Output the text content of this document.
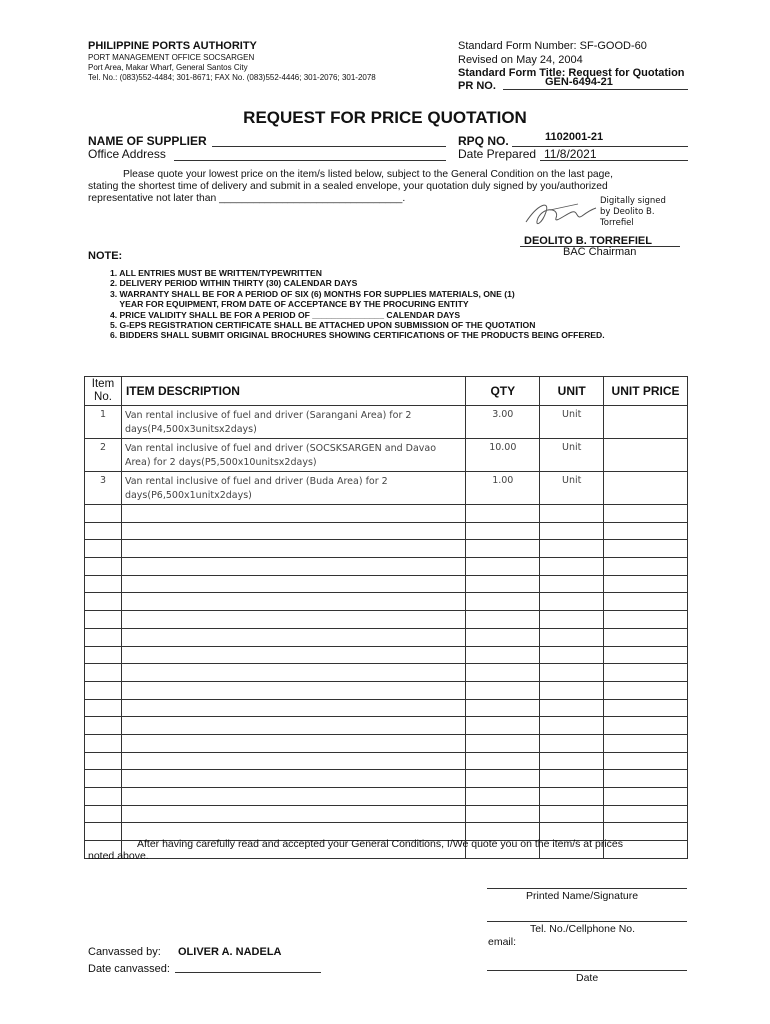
PHILIPPINE PORTS AUTHORITY
PORT MANAGEMENT OFFICE SOCSARGEN
Port Area, Makar Wharf, General Santos City
Tel. No.: (083)552-4484; 301-8671; FAX No. (083)552-4446; 301-2076; 301-2078
Standard Form Number: SF-GOOD-60
Revised on May 24, 2004
Standard Form Title: Request for Quotation
PR NO.	GEN-6494-21
REQUEST FOR PRICE QUOTATION
NAME OF SUPPLIER
Office Address
RPQ NO.	1102001-21
Date Prepared 11/8/2021
Please quote your lowest price on the item/s listed below, subject to the General Condition on the last page,
stating the shortest time of delivery and submit in a sealed envelope, your quotation duly signed by you/authorized
representative not later than ________________________________.	Digitally signed
by Deolito B.
Torrefiel
DEOLITO B. TORREFIEL
BAC Chairman
NOTE:
1. ALL ENTRIES MUST BE WRITTEN/TYPEWRITTEN
2. DELIVERY PERIOD WITHIN THIRTY (30) CALENDAR DAYS
3. WARRANTY SHALL BE FOR A PERIOD OF SIX (6) MONTHS FOR SUPPLIES MATERIALS, ONE (1)
YEAR FOR EQUIPMENT, FROM DATE OF ACCEPTANCE BY THE PROCURING ENTITY
4. PRICE VALIDITY SHALL BE FOR A PERIOD OF _______________ CALENDAR DAYS
5. G-EPS REGISTRATION CERTIFICATE SHALL BE ATTACHED UPON SUBMISSION OF THE QUOTATION
6. BIDDERS SHALL SUBMIT ORIGINAL BROCHURES SHOWING CERTIFICATIONS OF THE PRODUCTS BEING OFFERED.
Item No.	ITEM DESCRIPTION	QTY	UNIT	UNIT PRICE
1	Van rental inclusive of fuel and driver (Sarangani Area) for 2 days(P4,500x3unitsx2days)	3.00	Unit	
2	Van rental inclusive of fuel and driver (SOCSKSARGEN and Davao Area) for 2 days(P5,500x10unitsx2days)	10.00	Unit	
3	Van rental inclusive of fuel and driver (Buda Area) for 2 days(P6,500x1unitx2days)	1.00	Unit	

After having carefully read and accepted your General Conditions, I/We quote you on the item/s at prices
noted above.
Printed Name/Signature
Tel. No./Cellphone No.
email:
Canvassed by: OLIVER A. NADELA
Date canvassed:
Date
